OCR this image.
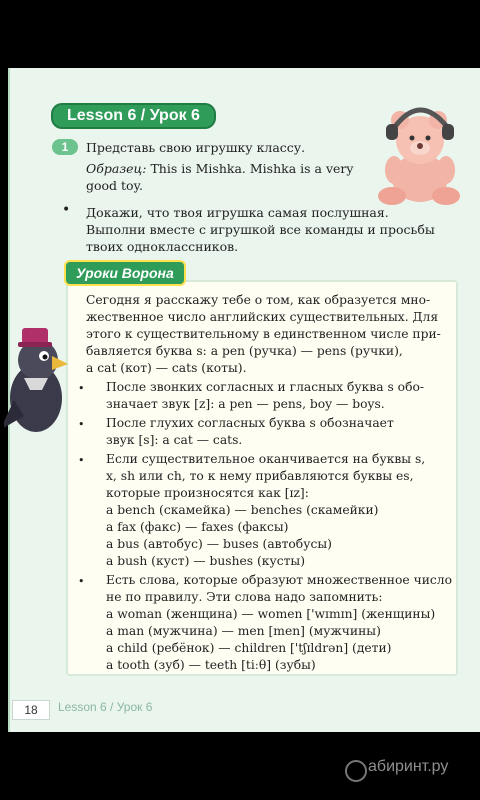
Lesson 6 / Урок 6
1	Представь свою игрушку классу.
Образец: This is Mishka. Mishka is a very
good toy.
• Докажи, что твоя игрушка самая послушная.
Выполни вместе с игрушкой все команды и просьбы
твоих одноклассников.
Сегодня я расскажу тебе о том, как образуется мно-
жественное число английских существительных. Для
этого к существительному в единственном числе при-
бавляется буква s: a pen (ручка) — pens (ручки),
a cat (кот) — cats (коты).
• После звонких согласных и гласных буква s обо-
значает звук [z]: a pen — pens, boy — boys.
• После глухих согласных буква s обозначает
звук [s]: a cat — cats.
• Если существительное оканчивается на буквы s,
x, sh или ch, то к нему прибавляются буквы es,
которые произносятся как [ɪz]:
a bench (скамейка) — benches (скамейки)
a fax (факс) — faxes (факсы)
a bus (автобус) — buses (автобусы)
a bush (куст) — bushes (кусты)
• Есть слова, которые образуют множественное число
не по правилу. Эти слова надо запомнить:
a woman (женщина) — women ['wɪmɪn] (женщины)
a man (мужчина) — men [men] (мужчины)
a child (ребёнок) — children ['tʃɪldrən] (дети)
a tooth (зуб) — teeth [tiːθ] (зубы)
Уроки Ворона
18	Lesson 6 / Урок 6
абиринт.ру
